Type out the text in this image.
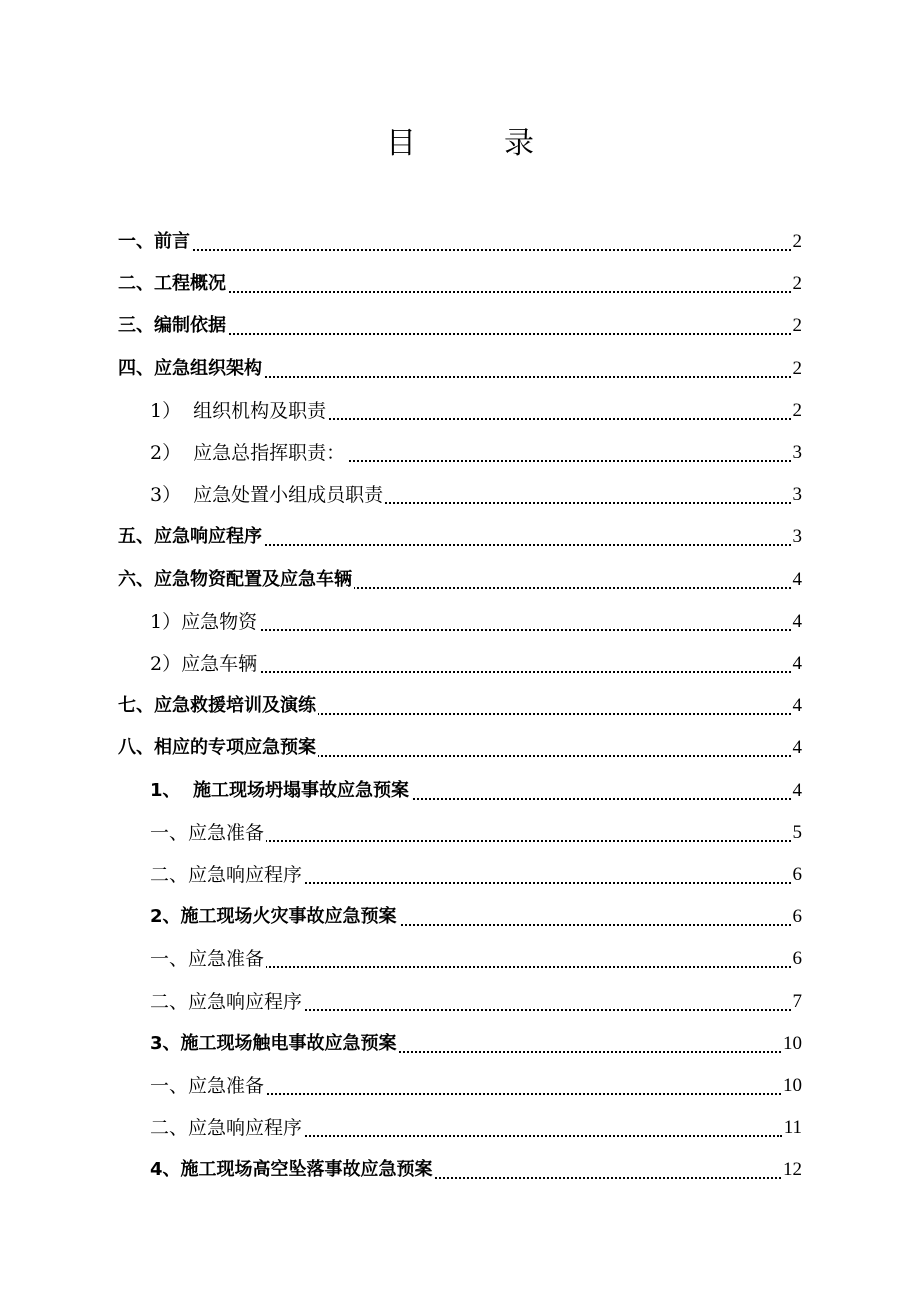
目录
一、前言	2
二、工程概况	2
三、编制依据	2
四、应急组织架构	2
1）  组织机构及职责	2
2）  应急总指挥职责：	3
3）  应急处置小组成员职责	3
五、应急响应程序	3
六、应急物资配置及应急车辆	4
1）应急物资	4
2）应急车辆	4
七、应急救援培训及演练	4
八、相应的专项应急预案	4
1、  施工现场坍塌事故应急预案	4
一、应急准备	5
二、应急响应程序	6
2、施工现场火灾事故应急预案	6
一、应急准备	6
二、应急响应程序	7
3、施工现场触电事故应急预案	10
一、应急准备	10
二、应急响应程序	11
4、施工现场高空坠落事故应急预案	12
